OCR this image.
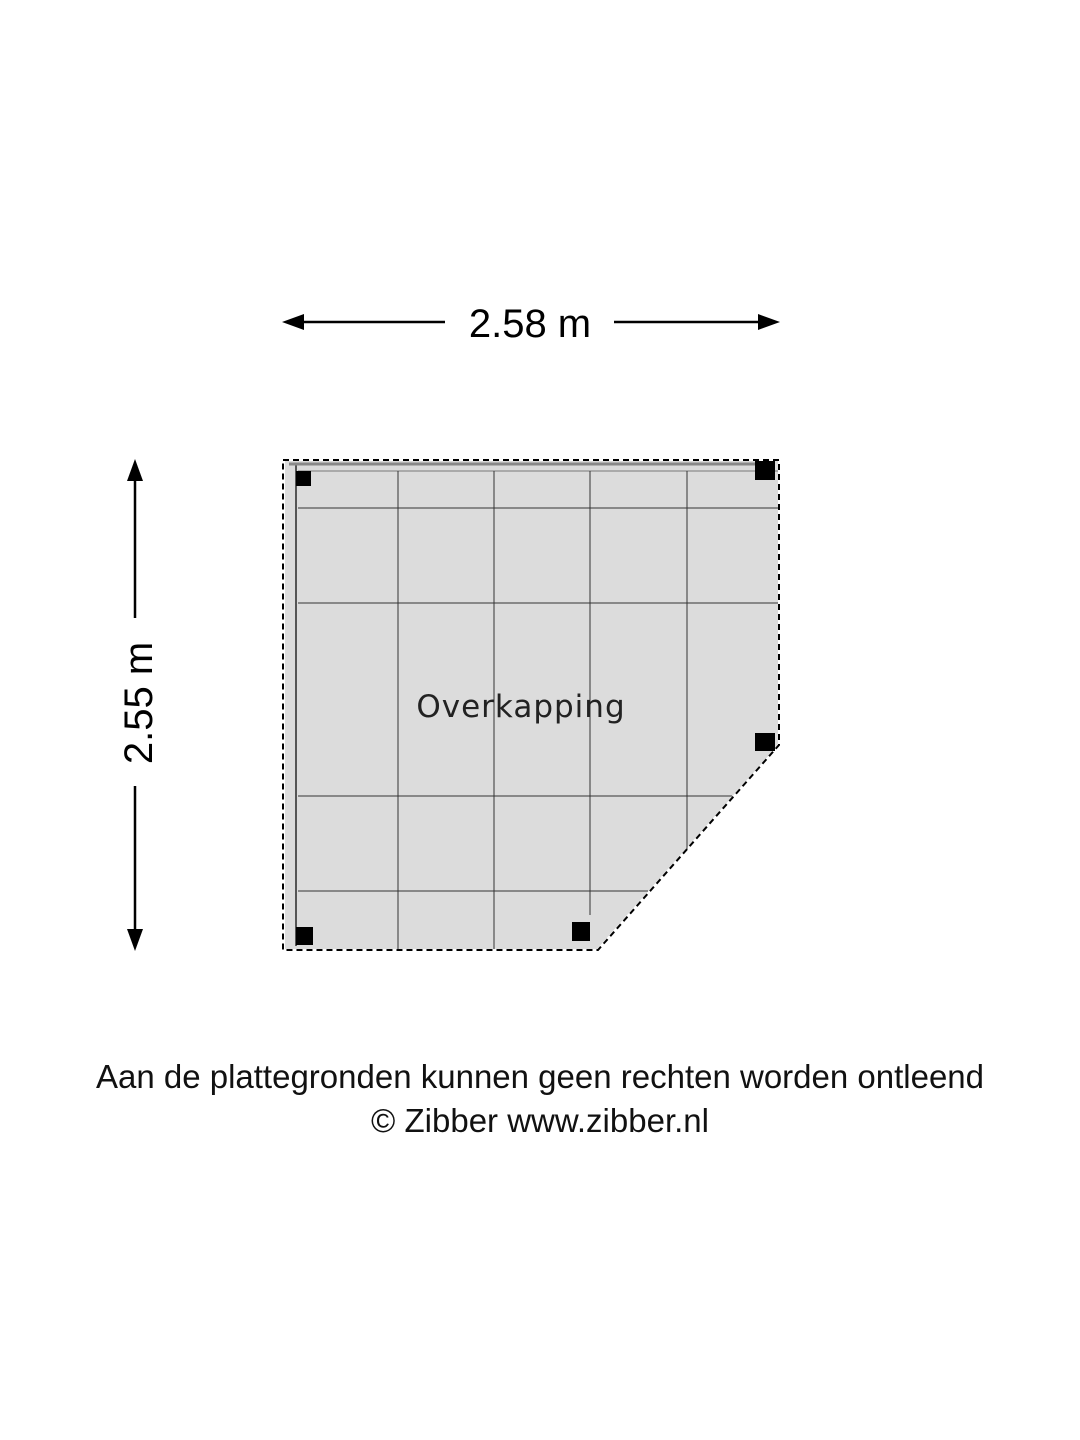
2.58 m
2.55 m	Overkapping
Aan de plattegronden kunnen geen rechten worden ontleend
© Zibber www.zibber.nl
